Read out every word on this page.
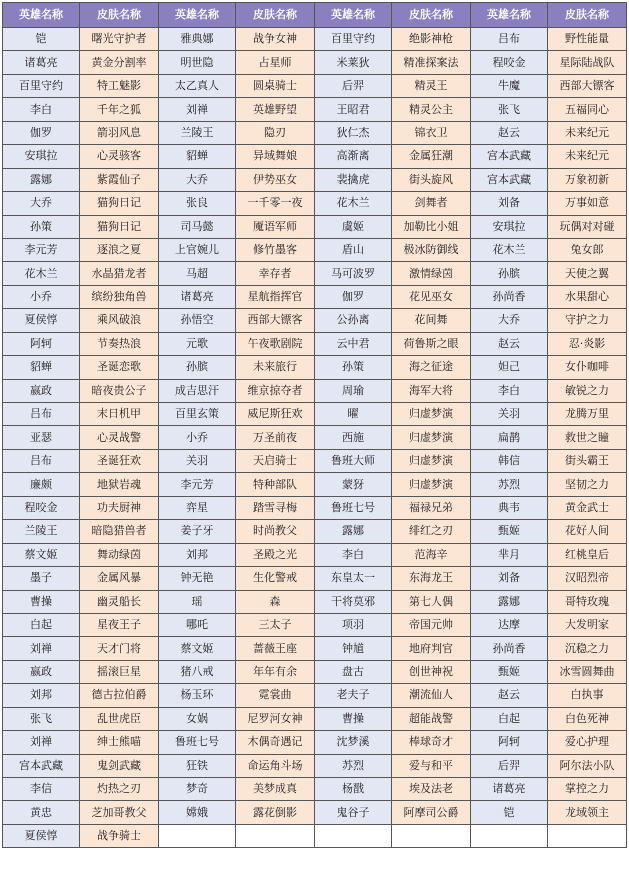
英雄名称	皮肤名称	英雄名称	皮肤名称	英雄名称	皮肤名称	英雄名称	皮肤名称
铠	曙光守护者	雅典娜	战争女神	百里守约	绝影神枪	吕布	野性能量
诸葛亮	黄金分割率	明世隐	占星师	米莱狄	精准探案法	程咬金	星际陆战队
百里守约	特工魅影	太乙真人	圆桌骑士	后羿	精灵王	牛魔	西部大镖客
李白	千年之狐	刘禅	英雄野望	王昭君	精灵公主	张飞	五福同心
伽罗	箭羽风息	兰陵王	隐刃	狄仁杰	锦衣卫	赵云	未来纪元
安琪拉	心灵骇客	貂蝉	异域舞娘	高渐离	金属狂潮	宫本武藏	未来纪元
露娜	紫霞仙子	大乔	伊势巫女	裴擒虎	街头旋风	宫本武藏	万象初新
大乔	猫狗日记	张良	一千零一夜	花木兰	剑舞者	刘备	万事如意
孙策	猫狗日记	司马懿	魇语军师	虞姬	加勒比小姐	安琪拉	玩偶对对碰
李元芳	逐浪之夏	上官婉儿	修竹墨客	盾山	极冰防御线	花木兰	兔女郎
花木兰	水晶猎龙者	马超	幸存者	马可波罗	激情绿茵	孙膑	天使之翼
小乔	缤纷独角兽	诸葛亮	星航指挥官	伽罗	花见巫女	孙尚香	水果甜心
夏侯惇	乘风破浪	孙悟空	西部大镖客	公孙离	花间舞	大乔	守护之力
阿轲	节奏热浪	元歌	午夜歌剧院	云中君	荷鲁斯之眼	赵云	忍·炎影
貂蝉	圣诞恋歌	孙膑	未来旅行	孙策	海之征途	妲己	女仆咖啡
嬴政	暗夜贵公子	成吉思汗	维京掠夺者	周瑜	海军大将	李白	敏锐之力
吕布	末日机甲	百里玄策	威尼斯狂欢	曜	归虚梦演	关羽	龙腾万里
亚瑟	心灵战警	小乔	万圣前夜	西施	归虚梦演	扁鹊	救世之瞳
吕布	圣诞狂欢	关羽	天启骑士	鲁班大师	归虚梦演	韩信	街头霸王
廉颇	地狱岩魂	李元芳	特种部队	蒙犽	归虚梦演	苏烈	坚韧之力
程咬金	功夫厨神	弈星	踏雪寻梅	鲁班七号	福禄兄弟	典韦	黄金武士
兰陵王	暗隐猎兽者	姜子牙	时尚教父	露娜	绯红之刃	甄姬	花好人间
蔡文姬	舞动绿茵	刘邦	圣殿之光	李白	范海辛	芈月	红桃皇后
墨子	金属风暴	钟无艳	生化警戒	东皇太一	东海龙王	刘备	汉昭烈帝
曹操	幽灵船长	瑶	森	干将莫邪	第七人偶	露娜	哥特玫瑰
白起	星夜王子	哪吒	三太子	项羽	帝国元帅	达摩	大发明家
刘禅	天才门将	蔡文姬	蔷薇王座	钟馗	地府判官	孙尚香	沉稳之力
嬴政	摇滚巨星	猪八戒	年年有余	盘古	创世神祝	甄姬	冰雪圆舞曲
刘邦	德古拉伯爵	杨玉环	霓裳曲	老夫子	潮流仙人	赵云	白执事
张飞	乱世虎臣	女娲	尼罗河女神	曹操	超能战警	白起	白色死神
刘禅	绅士熊喵	鲁班七号	木偶奇遇记	沈梦溪	棒球奇才	阿轲	爱心护理
宫本武藏	鬼剑武藏	狂铁	命运角斗场	苏烈	爱与和平	后羿	阿尔法小队
李信	灼热之刃	梦奇	美梦成真	杨戬	埃及法老	诸葛亮	掌控之力
黄忠	芝加哥教父	嫦娥	露花倒影	鬼谷子	阿摩司公爵	铠	龙域领主
夏侯惇	战争骑士						
